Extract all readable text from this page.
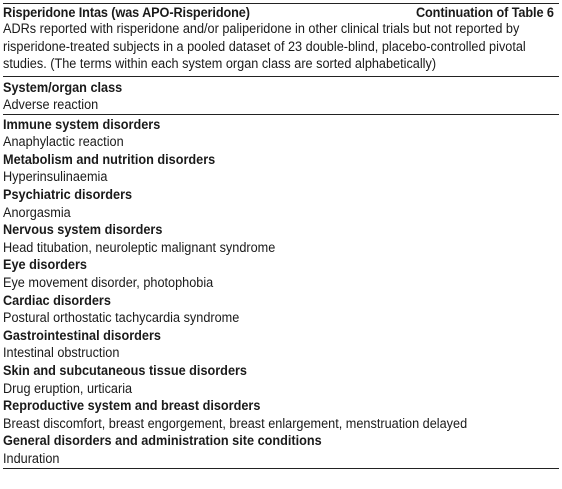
Risperidone Intas (was APO-Risperidone)	Continuation of Table 6
ADRs reported with risperidone and/or paliperidone in other clinical trials but not reported by risperidone-treated subjects in a pooled dataset of 23 double-blind, placebo-controlled pivotal studies. (The terms within each system organ class are sorted alphabetically)
System/organ class
Adverse reaction
Immune system disorders
Anaphylactic reaction
Metabolism and nutrition disorders
Hyperinsulinaemia
Psychiatric disorders
Anorgasmia
Nervous system disorders
Head titubation, neuroleptic malignant syndrome
Eye disorders
Eye movement disorder, photophobia
Cardiac disorders
Postural orthostatic tachycardia syndrome
Gastrointestinal disorders
Intestinal obstruction
Skin and subcutaneous tissue disorders
Drug eruption, urticaria
Reproductive system and breast disorders
Breast discomfort, breast engorgement, breast enlargement, menstruation delayed
General disorders and administration site conditions
Induration
